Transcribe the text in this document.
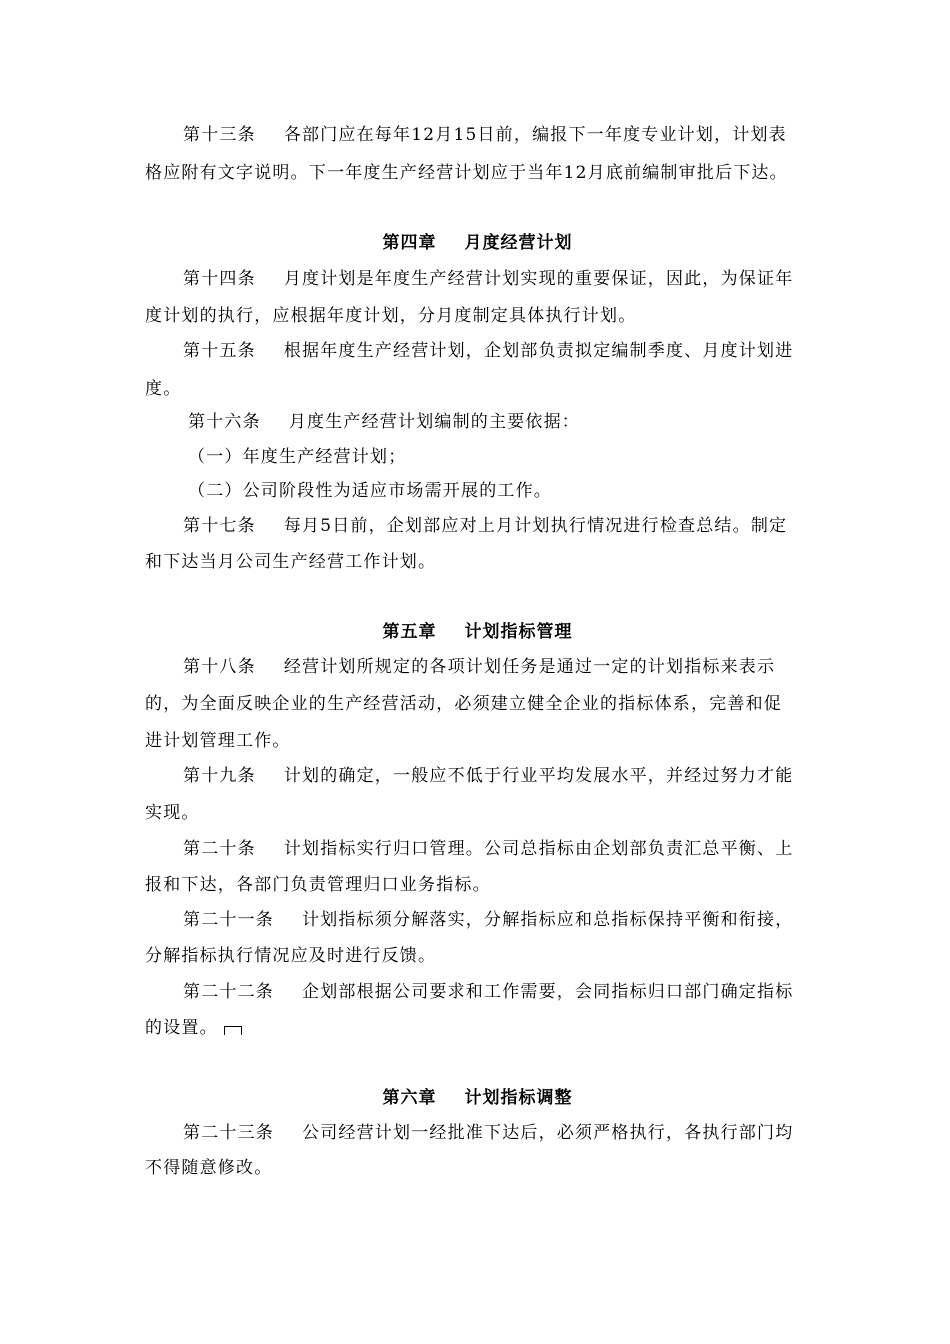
第十三条 各部门应在每年12月15日前，编报下一年度专业计划，计划表
格应附有文字说明。下一年度生产经营计划应于当年12月底前编制审批后下达。
第四章 月度经营计划
第十四条 月度计划是年度生产经营计划实现的重要保证，因此，为保证年
度计划的执行，应根据年度计划，分月度制定具体执行计划。
第十五条 根据年度生产经营计划，企划部负责拟定编制季度、月度计划进
度。
第十六条 月度生产经营计划编制的主要依据：
（一）年度生产经营计划；
（二）公司阶段性为适应市场需开展的工作。
第十七条 每月5日前，企划部应对上月计划执行情况进行检查总结。制定
和下达当月公司生产经营工作计划。
第五章 计划指标管理
第十八条 经营计划所规定的各项计划任务是通过一定的计划指标来表示
的，为全面反映企业的生产经营活动，必须建立健全企业的指标体系，完善和促
进计划管理工作。
第十九条 计划的确定，一般应不低于行业平均发展水平，并经过努力才能
实现。
第二十条 计划指标实行归口管理。公司总指标由企划部负责汇总平衡、上
报和下达，各部门负责管理归口业务指标。
第二十一条 计划指标须分解落实，分解指标应和总指标保持平衡和衔接，
分解指标执行情况应及时进行反馈。
第二十二条 企划部根据公司要求和工作需要，会同指标归口部门确定指标
的设置。
第六章 计划指标调整
第二十三条 公司经营计划一经批准下达后，必须严格执行，各执行部门均
不得随意修改。
